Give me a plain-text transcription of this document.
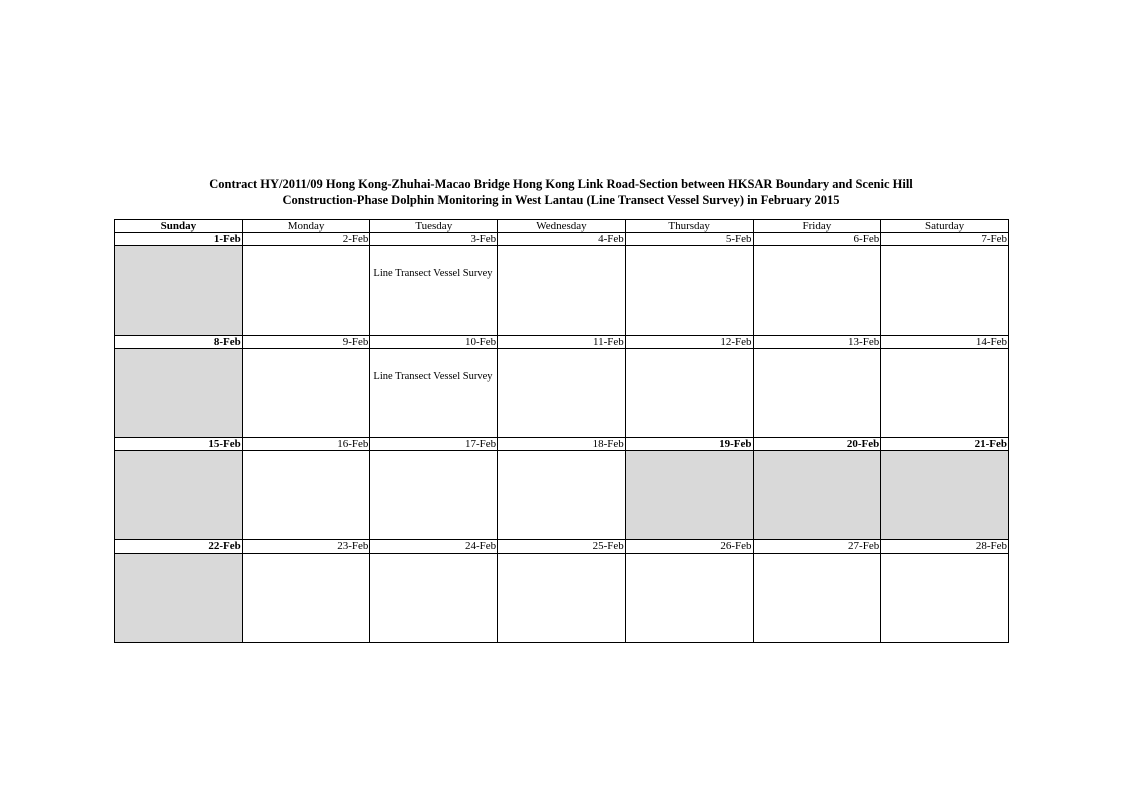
Contract HY/2011/09 Hong Kong-Zhuhai-Macao Bridge Hong Kong Link Road-Section between HKSAR Boundary and Scenic Hill
Construction-Phase Dolphin Monitoring in West Lantau (Line Transect Vessel Survey) in February 2015
Sunday	Monday	Tuesday	Wednesday	Thursday	Friday	Saturday
1-Feb	2-Feb	3-Feb	4-Feb	5-Feb	6-Feb	7-Feb

		Line Transect Vessel Survey				

8-Feb	9-Feb	10-Feb	11-Feb	12-Feb	13-Feb	14-Feb

		Line Transect Vessel Survey				

15-Feb	16-Feb	17-Feb	18-Feb	19-Feb	20-Feb	21-Feb

22-Feb	23-Feb	24-Feb	25-Feb	26-Feb	27-Feb	28-Feb
